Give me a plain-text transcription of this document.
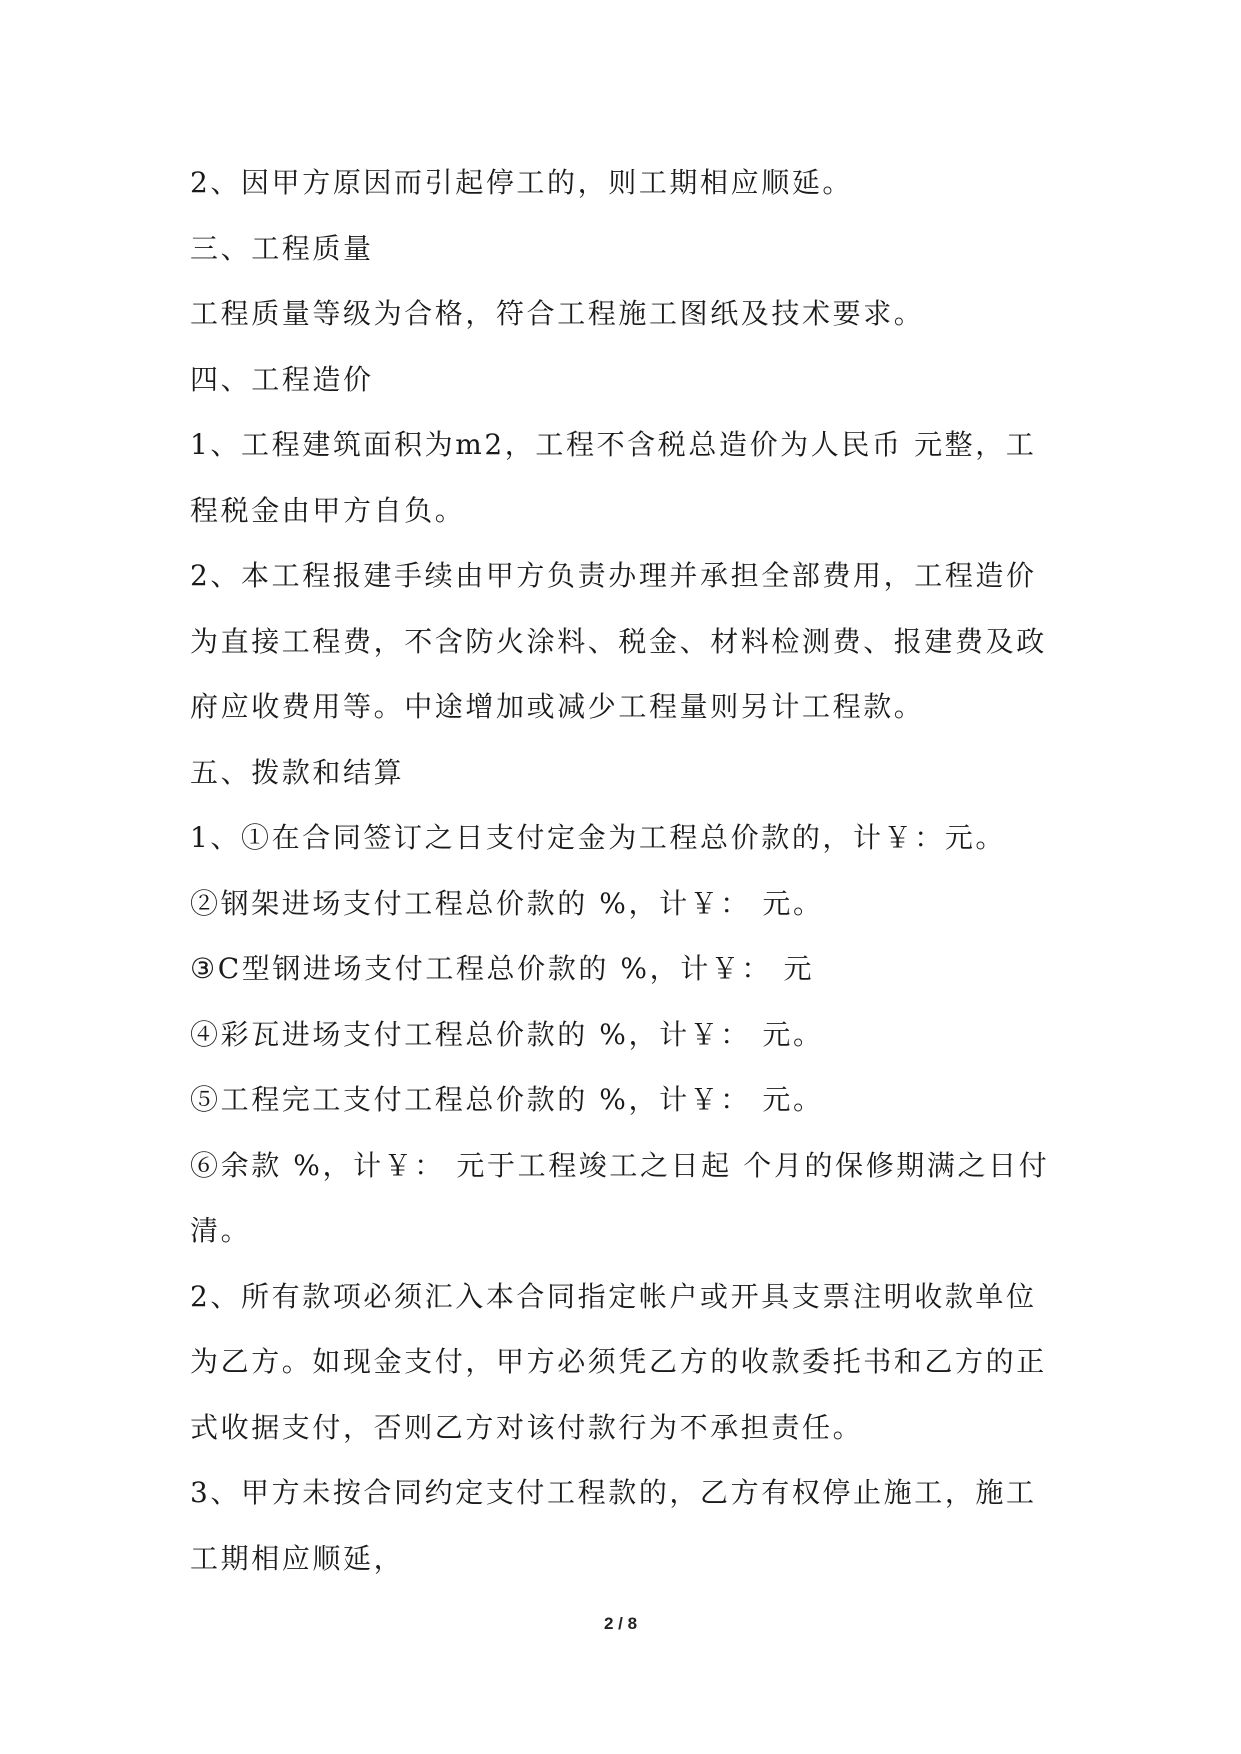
2、因甲方原因而引起停工的，则工期相应顺延。
三、工程质量
工程质量等级为合格，符合工程施工图纸及技术要求。
四、工程造价
1、工程建筑面积为m2，工程不含税总造价为人民币 元整，工
程税金由甲方自负。
2、本工程报建手续由甲方负责办理并承担全部费用，工程造价
为直接工程费，不含防火涂料、税金、材料检测费、报建费及政
府应收费用等。中途增加或减少工程量则另计工程款。
五、拨款和结算
1、①在合同签订之日支付定金为工程总价款的，计￥：元。
②钢架进场支付工程总价款的 %，计￥： 元。
③C型钢进场支付工程总价款的 %，计￥： 元
④彩瓦进场支付工程总价款的 %，计￥： 元。
⑤工程完工支付工程总价款的 %，计￥： 元。
⑥余款 %，计￥： 元于工程竣工之日起 个月的保修期满之日付
清。
2、所有款项必须汇入本合同指定帐户或开具支票注明收款单位
为乙方。如现金支付，甲方必须凭乙方的收款委托书和乙方的正
式收据支付，否则乙方对该付款行为不承担责任。
3、甲方未按合同约定支付工程款的，乙方有权停止施工，施工
工期相应顺延，
2 / 8
